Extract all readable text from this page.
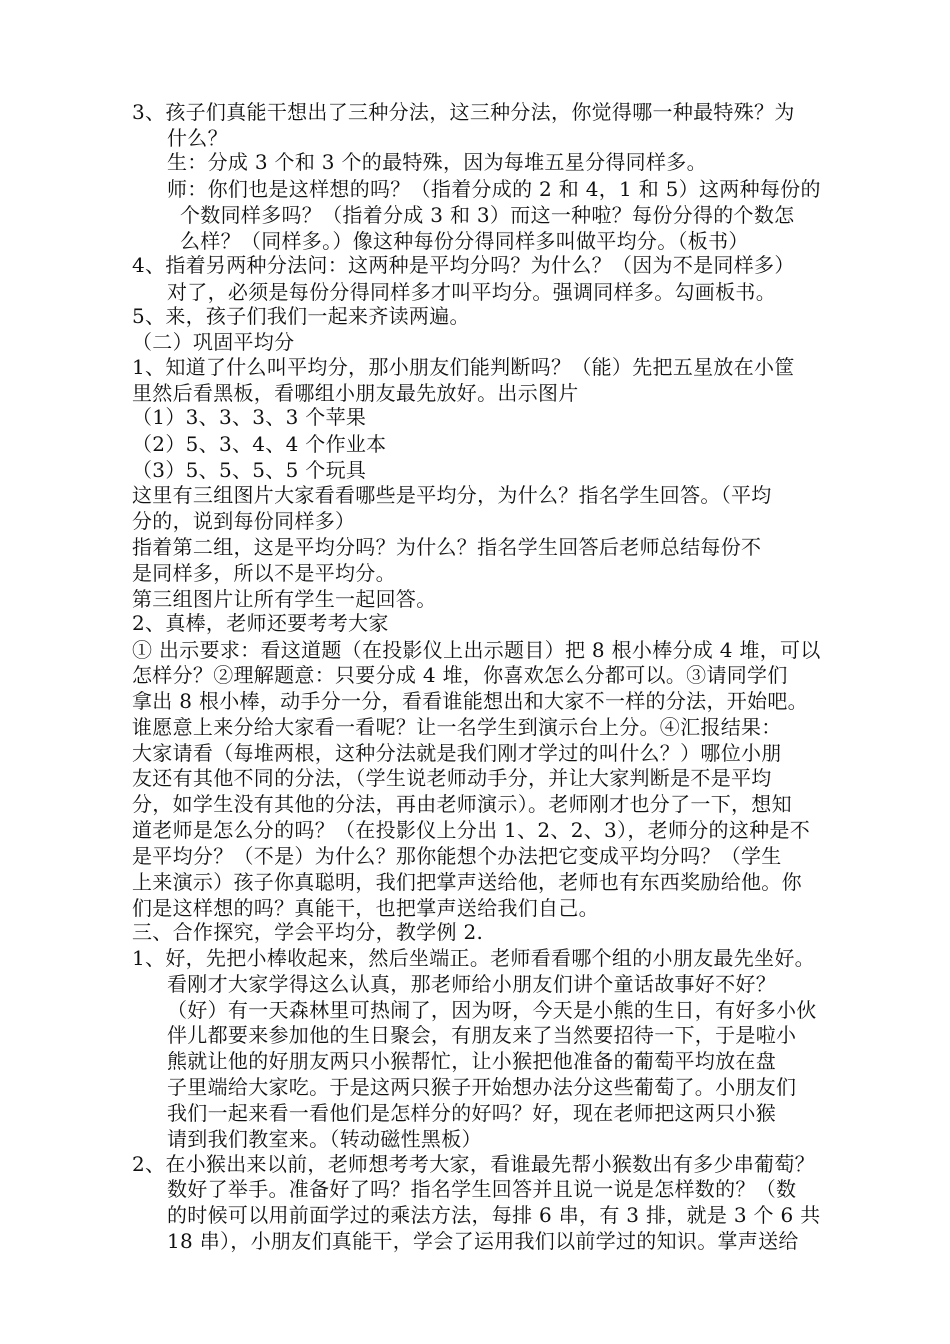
3、孩子们真能干想出了三种分法，这三种分法，你觉得哪一种最特殊？为
什么？
生：分成 3 个和 3 个的最特殊，因为每堆五星分得同样多。
师：你们也是这样想的吗？（指着分成的 2 和 4，1 和 5）这两种每份的
个数同样多吗？（指着分成 3 和 3）而这一种啦？每份分得的个数怎
么样？（同样多。）像这种每份分得同样多叫做平均分。（板书）
4、指着另两种分法问：这两种是平均分吗？为什么？（因为不是同样多）
对了，必须是每份分得同样多才叫平均分。强调同样多。勾画板书。
5、来，孩子们我们一起来齐读两遍。
（二）巩固平均分
1、知道了什么叫平均分，那小朋友们能判断吗？（能）先把五星放在小筐
里然后看黑板，看哪组小朋友最先放好。出示图片
（1）3、3、3、3 个苹果
（2）5、3、4、4 个作业本
（3）5、5、5、5 个玩具
这里有三组图片大家看看哪些是平均分，为什么？指名学生回答。（平均
分的，说到每份同样多）
指着第二组，这是平均分吗？为什么？指名学生回答后老师总结每份不
是同样多，所以不是平均分。
第三组图片让所有学生一起回答。
2、真棒，老师还要考考大家
① 出示要求：看这道题（在投影仪上出示题目）把 8 根小棒分成 4 堆，可以
怎样分？②理解题意：只要分成 4 堆，你喜欢怎么分都可以。③请同学们
拿出 8 根小棒，动手分一分，看看谁能想出和大家不一样的分法，开始吧。
谁愿意上来分给大家看一看呢？让一名学生到演示台上分。④汇报结果：
大家请看（每堆两根，这种分法就是我们刚才学过的叫什么？）哪位小朋
友还有其他不同的分法，（学生说老师动手分，并让大家判断是不是平均
分，如学生没有其他的分法，再由老师演示）。老师刚才也分了一下，想知
道老师是怎么分的吗？（在投影仪上分出 1、2、2、3），老师分的这种是不
是平均分？（不是）为什么？那你能想个办法把它变成平均分吗？（学生
上来演示）孩子你真聪明，我们把掌声送给他，老师也有东西奖励给他。你
们是这样想的吗？真能干，也把掌声送给我们自己。
三、合作探究，学会平均分，教学例 2.
1、好，先把小棒收起来，然后坐端正。老师看看哪个组的小朋友最先坐好。
看刚才大家学得这么认真，那老师给小朋友们讲个童话故事好不好？
（好）有一天森林里可热闹了，因为呀，今天是小熊的生日，有好多小伙
伴儿都要来参加他的生日聚会，有朋友来了当然要招待一下，于是啦小
熊就让他的好朋友两只小猴帮忙，让小猴把他准备的葡萄平均放在盘
子里端给大家吃。于是这两只猴子开始想办法分这些葡萄了。小朋友们
我们一起来看一看他们是怎样分的好吗？好，现在老师把这两只小猴
请到我们教室来。（转动磁性黑板）
2、在小猴出来以前，老师想考考大家，看谁最先帮小猴数出有多少串葡萄？
数好了举手。准备好了吗？指名学生回答并且说一说是怎样数的？（数
的时候可以用前面学过的乘法方法，每排 6 串，有 3 排，就是 3 个 6 共
18 串），小朋友们真能干，学会了运用我们以前学过的知识。掌声送给
